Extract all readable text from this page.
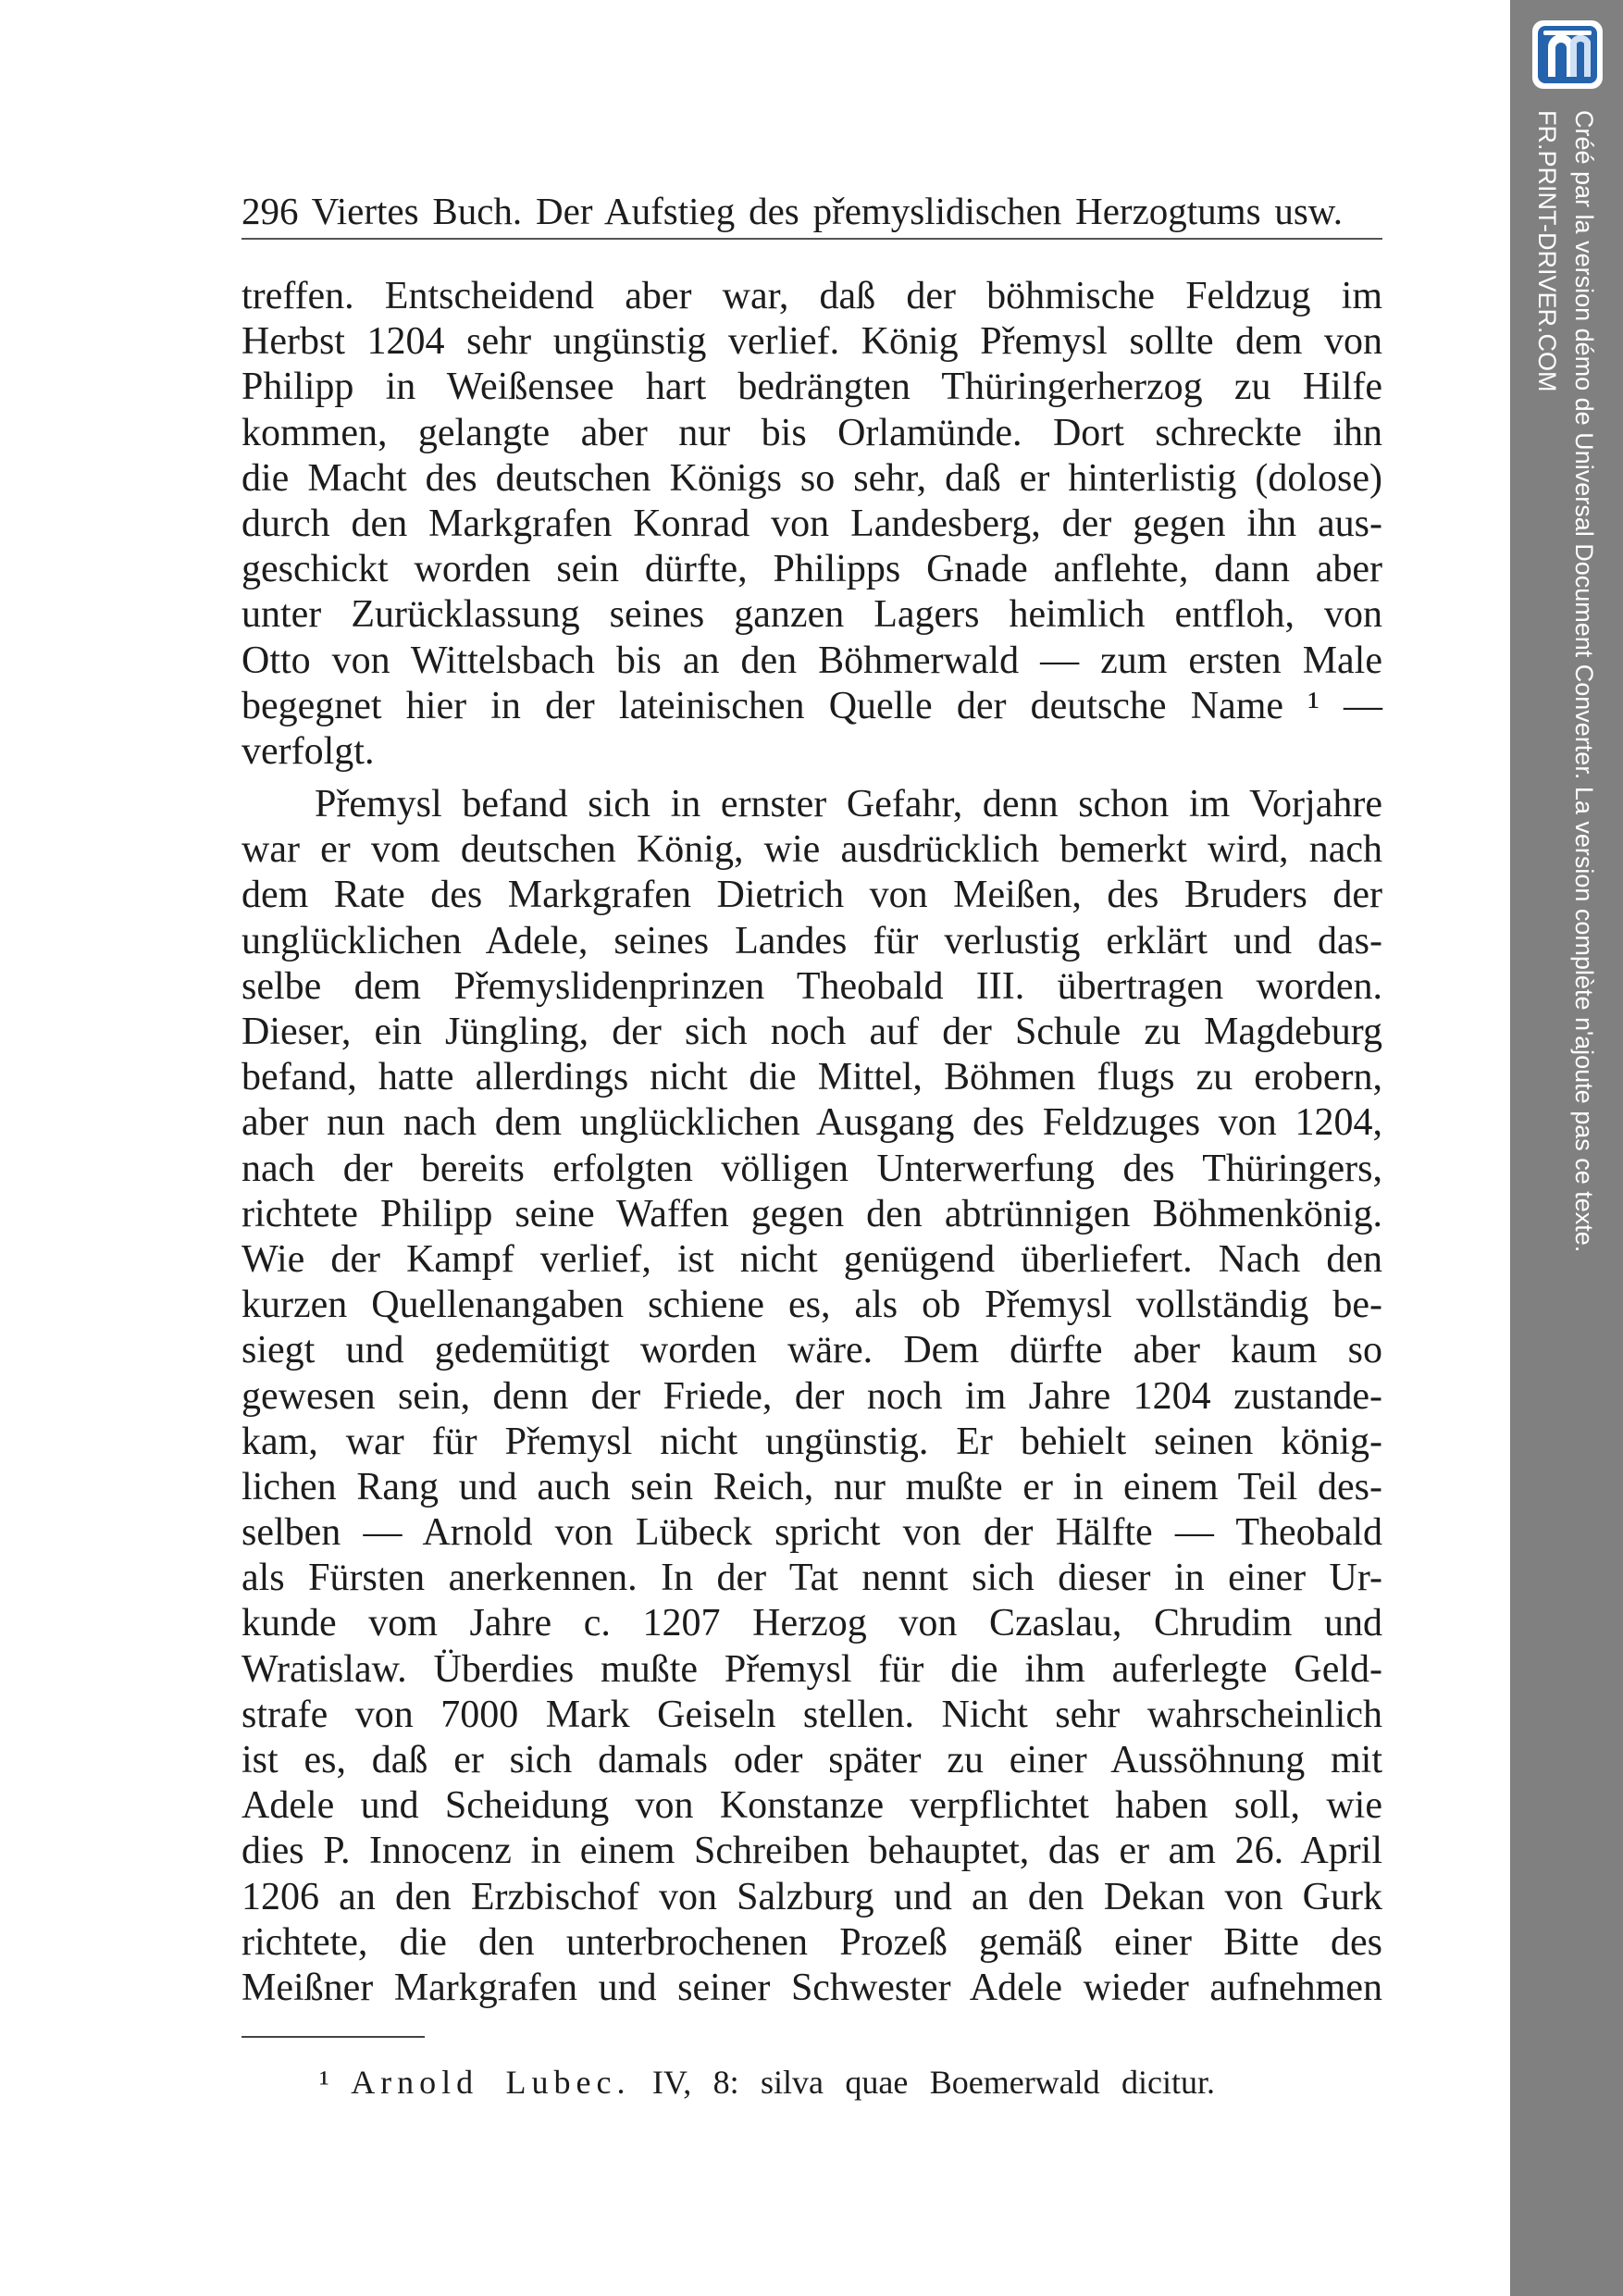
296 Viertes Buch. Der Aufstieg des přemyslidischen Herzogtums usw.
treffen. Entscheidend aber war, daß der böhmische Feldzug im
Herbst 1204 sehr ungünstig verlief. König Přemysl sollte dem von
Philipp in Weißensee hart bedrängten Thüringerherzog zu Hilfe
kommen, gelangte aber nur bis Orlamünde. Dort schreckte ihn
die Macht des deutschen Königs so sehr, daß er hinterlistig (dolose)
durch den Markgrafen Konrad von Landesberg, der gegen ihn aus-
geschickt worden sein dürfte, Philipps Gnade anflehte, dann aber
unter Zurücklassung seines ganzen Lagers heimlich entfloh, von
Otto von Wittelsbach bis an den Böhmerwald — zum ersten Male
begegnet hier in der lateinischen Quelle der deutsche Name ¹ —
verfolgt.
Přemysl befand sich in ernster Gefahr, denn schon im Vorjahre
war er vom deutschen König, wie ausdrücklich bemerkt wird, nach
dem Rate des Markgrafen Dietrich von Meißen, des Bruders der
unglücklichen Adele, seines Landes für verlustig erklärt und das-
selbe dem Přemyslidenprinzen Theobald III. übertragen worden.
Dieser, ein Jüngling, der sich noch auf der Schule zu Magdeburg
befand, hatte allerdings nicht die Mittel, Böhmen flugs zu erobern,
aber nun nach dem unglücklichen Ausgang des Feldzuges von 1204,
nach der bereits erfolgten völligen Unterwerfung des Thüringers,
richtete Philipp seine Waffen gegen den abtrünnigen Böhmenkönig.
Wie der Kampf verlief, ist nicht genügend überliefert. Nach den
kurzen Quellenangaben schiene es, als ob Přemysl vollständig be-
siegt und gedemütigt worden wäre. Dem dürfte aber kaum so
gewesen sein, denn der Friede, der noch im Jahre 1204 zustande-
kam, war für Přemysl nicht ungünstig. Er behielt seinen könig-
lichen Rang und auch sein Reich, nur mußte er in einem Teil des-
selben — Arnold von Lübeck spricht von der Hälfte — Theobald
als Fürsten anerkennen. In der Tat nennt sich dieser in einer Ur-
kunde vom Jahre c. 1207 Herzog von Czaslau, Chrudim und
Wratislaw. Überdies mußte Přemysl für die ihm auferlegte Geld-
strafe von 7000 Mark Geiseln stellen. Nicht sehr wahrscheinlich
ist es, daß er sich damals oder später zu einer Aussöhnung mit
Adele und Scheidung von Konstanze verpflichtet haben soll, wie
dies P. Innocenz in einem Schreiben behauptet, das er am 26. April
1206 an den Erzbischof von Salzburg und an den Dekan von Gurk
richtete, die den unterbrochenen Prozeß gemäß einer Bitte des
Meißner Markgrafen und seiner Schwester Adele wieder aufnehmen
¹ Arnold Lubec. IV, 8: silva quae Boemerwald dicitur.
Créé par la version démo de Universal Document Converter. La version complète n'ajoute pas ce texte.
FR.PRINT-DRIVER.COM
